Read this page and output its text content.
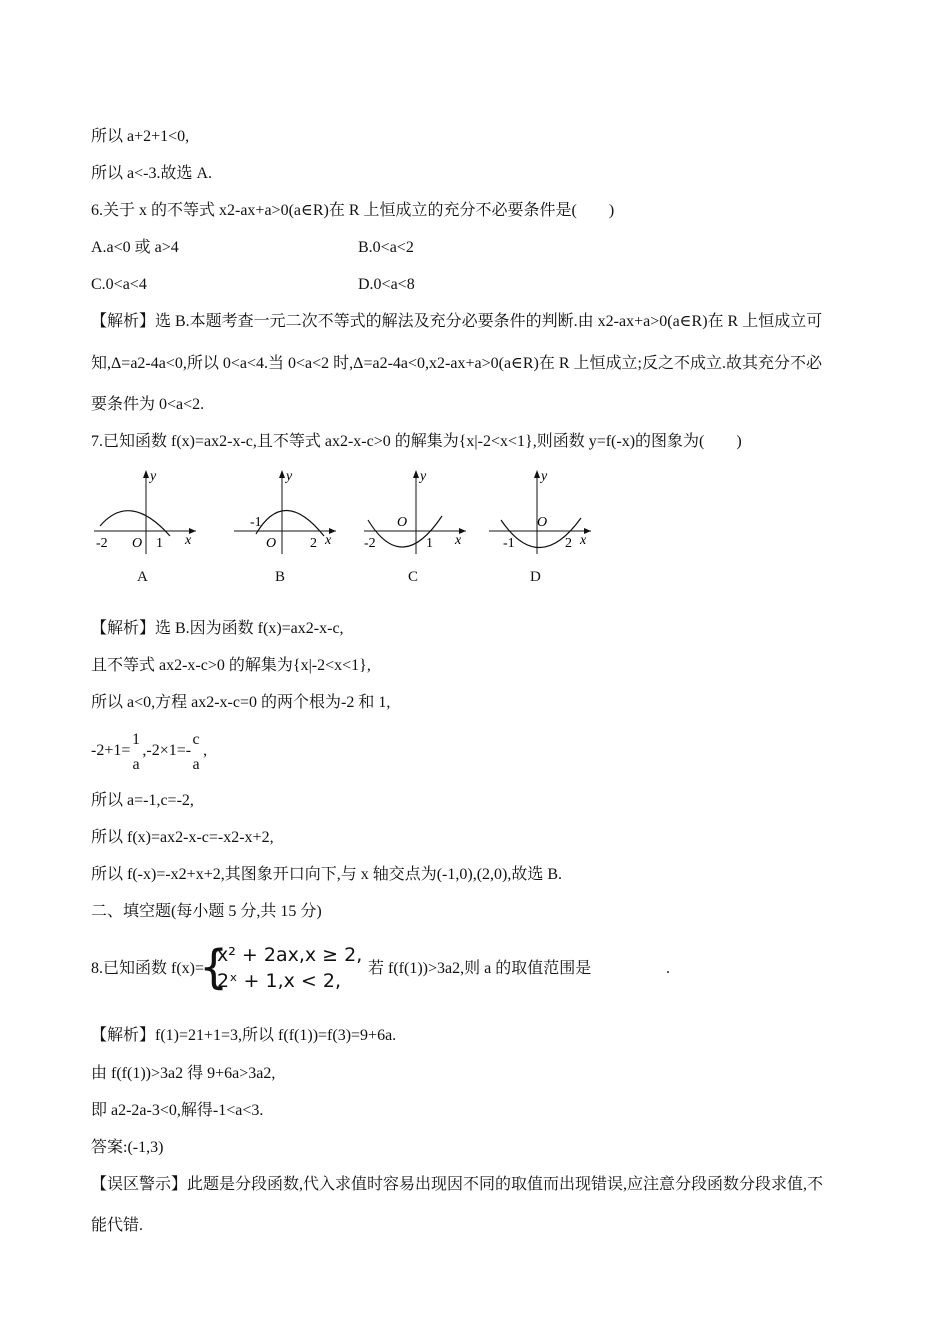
所以 a+2+1<0,
所以 a<-3.故选 A.
6.关于 x 的不等式 x2-ax+a>0(a∈R)在 R 上恒成立的充分不必要条件是(　　)
A.a<0 或 a>4	B.0<a<2
C.0<a<4	D.0<a<8
【解析】选 B.本题考查一元二次不等式的解法及充分必要条件的判断.由 x2-ax+a>0(a∈R)在 R 上恒成立可
知,Δ=a2-4a<0,所以 0<a<4.当 0<a<2 时,Δ=a2-4a<0,x2-ax+a>0(a∈R)在 R 上恒成立;反之不成立.故其充分不必
要条件为 0<a<2.
7.已知函数 f(x)=ax2-x-c,且不等式 ax2-x-c>0 的解集为{x|-2<x<1},则函数 y=f(-x)的图象为(　　)
-2 O 1 x
y
A
-1
O 2 x
y
B
-2
O
1 x
y
C
-1
O
2 x
y
D
【解析】选 B.因为函数 f(x)=ax2-x-c,
且不等式 ax2-x-c>0 的解集为{x|-2<x<1},
所以 a<0,方程 ax2-x-c=0 的两个根为-2 和 1,
-2+1= ,-2×1=- ,
1
a
c
a
所以 a=-1,c=-2,
所以 f(x)=ax2-x-c=-x2-x+2,
所以 f(-x)=-x2+x+2,其图象开口向下,与 x 轴交点为(-1,0),(2,0),故选 B.
二、填空题(每小题 5 分,共 15 分)
8.已知函数 f(x)=
{
x² + 2ax,x ≥ 2,
2ˣ + 1,x < 2,
若 f(f(1))>3a2,则 a 的取值范围是	.
【解析】f(1)=21+1=3,所以 f(f(1))=f(3)=9+6a.
由 f(f(1))>3a2 得 9+6a>3a2,
即 a2-2a-3<0,解得-1<a<3.
答案:(-1,3)
【误区警示】此题是分段函数,代入求值时容易出现因不同的取值而出现错误,应注意分段函数分段求值,不
能代错.
